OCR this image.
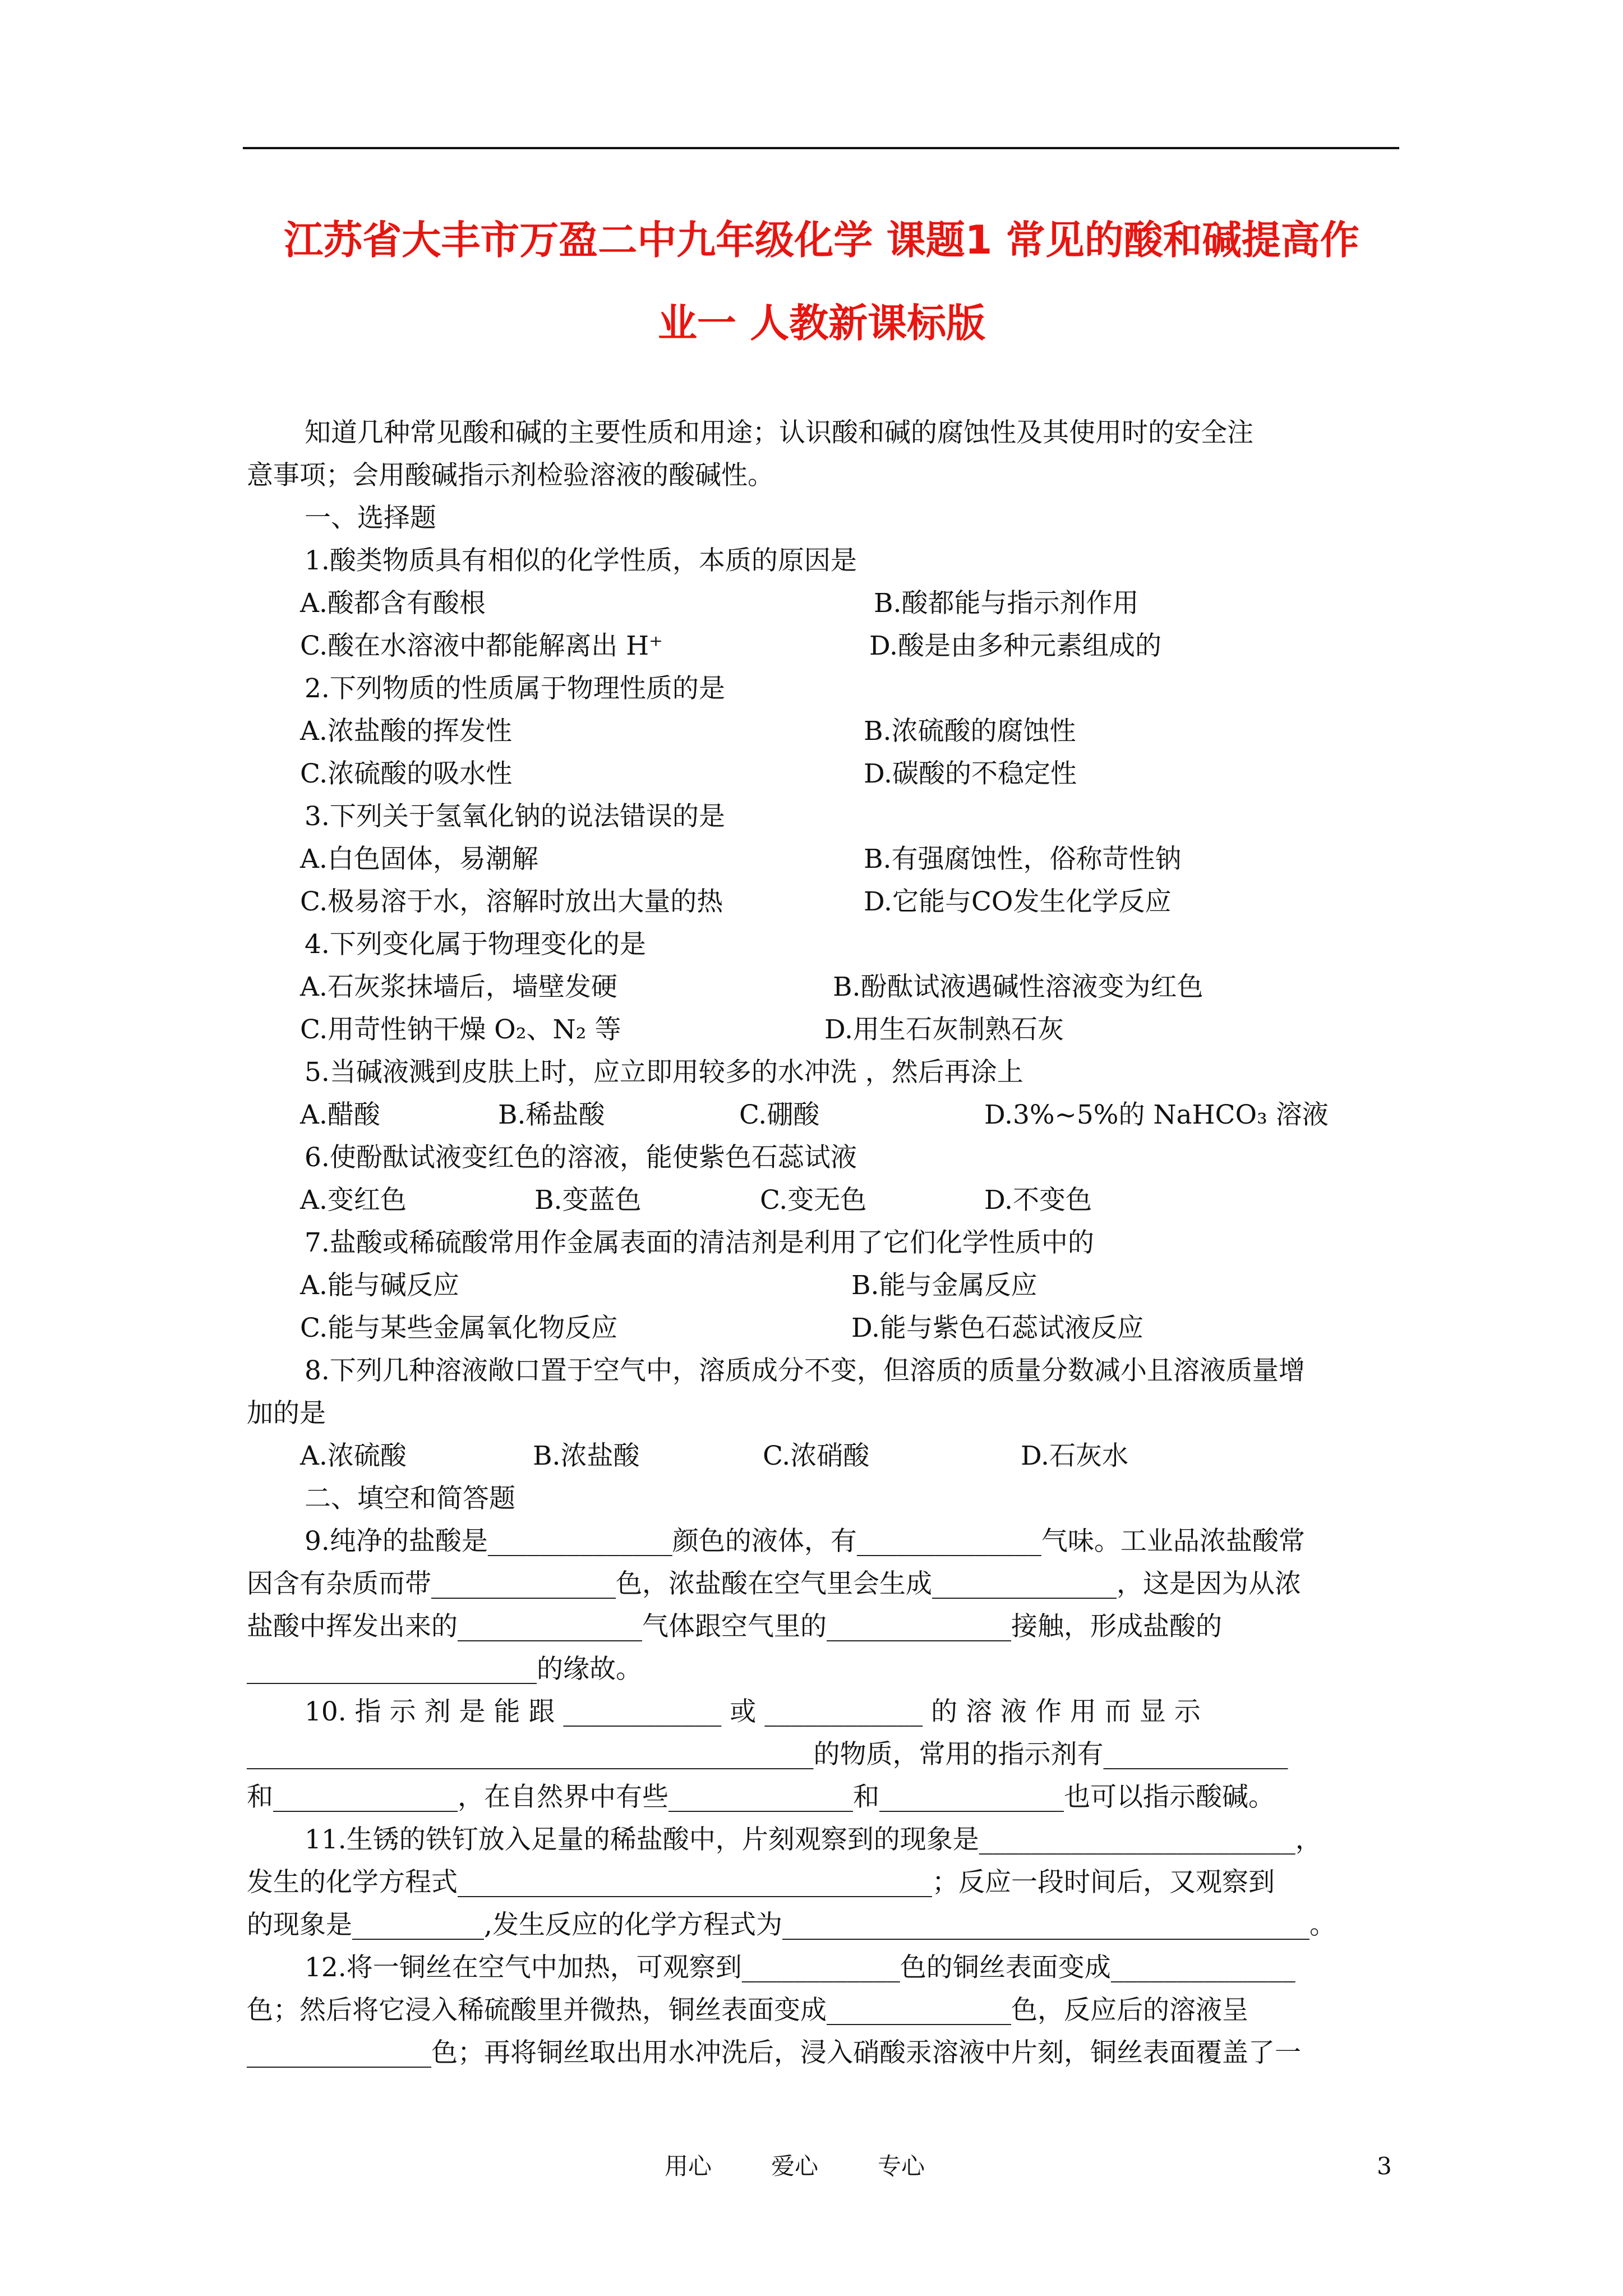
江苏省大丰市万盈二中九年级化学 课题1 常见的酸和碱提高作
业一 人教新课标版
知道几种常见酸和碱的主要性质和用途；认识酸和碱的腐蚀性及其使用时的安全注
意事项；会用酸碱指示剂检验溶液的酸碱性。
一、选择题
1.酸类物质具有相似的化学性质，本质的原因是
A.酸都含有酸根	B.酸都能与指示剂作用
C.酸在水溶液中都能解离出 H⁺	D.酸是由多种元素组成的
2.下列物质的性质属于物理性质的是
A.浓盐酸的挥发性	B.浓硫酸的腐蚀性
C.浓硫酸的吸水性	D.碳酸的不稳定性
3.下列关于氢氧化钠的说法错误的是
A.白色固体，易潮解	B.有强腐蚀性，俗称苛性钠
C.极易溶于水，溶解时放出大量的热	D.它能与CO发生化学反应
4.下列变化属于物理变化的是
A.石灰浆抹墙后，墙壁发硬	B.酚酞试液遇碱性溶液变为红色
C.用苛性钠干燥 O₂、N₂ 等	D.用生石灰制熟石灰
5.当碱液溅到皮肤上时，应立即用较多的水冲洗 ，然后再涂上
A.醋酸	B.稀盐酸	C.硼酸	D.3%~5%的 NaHCO₃ 溶液
6.使酚酞试液变红色的溶液，能使紫色石蕊试液
A.变红色	B.变蓝色	C.变无色	D.不变色
7.盐酸或稀硫酸常用作金属表面的清洁剂是利用了它们化学性质中的
A.能与碱反应	B.能与金属反应
C.能与某些金属氧化物反应	D.能与紫色石蕊试液反应
8.下列几种溶液敞口置于空气中，溶质成分不变，但溶质的质量分数减小且溶液质量增
加的是
A.浓硫酸	B.浓盐酸	C.浓硝酸	D.石灰水
二、填空和简答题
9.纯净的盐酸是______________颜色的液体，有______________气味。工业品浓盐酸常
因含有杂质而带______________色，浓盐酸在空气里会生成______________，这是因为从浓
盐酸中挥发出来的______________气体跟空气里的______________接触，形成盐酸的
______________________的缘故。
10. 指 示 剂 是 能 跟 ____________ 或 ____________ 的 溶 液 作 用 而 显 示
___________________________________________的物质，常用的指示剂有______________
和______________，在自然界中有些______________和______________也可以指示酸碱。
11.生锈的铁钉放入足量的稀盐酸中，片刻观察到的现象是________________________，
发生的化学方程式____________________________________；反应一段时间后，又观察到
的现象是__________,发生反应的化学方程式为________________________________________。
12.将一铜丝在空气中加热，可观察到____________色的铜丝表面变成______________
色；然后将它浸入稀硫酸里并微热，铜丝表面变成______________色，反应后的溶液呈
______________色；再将铜丝取出用水冲洗后，浸入硝酸汞溶液中片刻，铜丝表面覆盖了一
用心	爱心	专心	3
